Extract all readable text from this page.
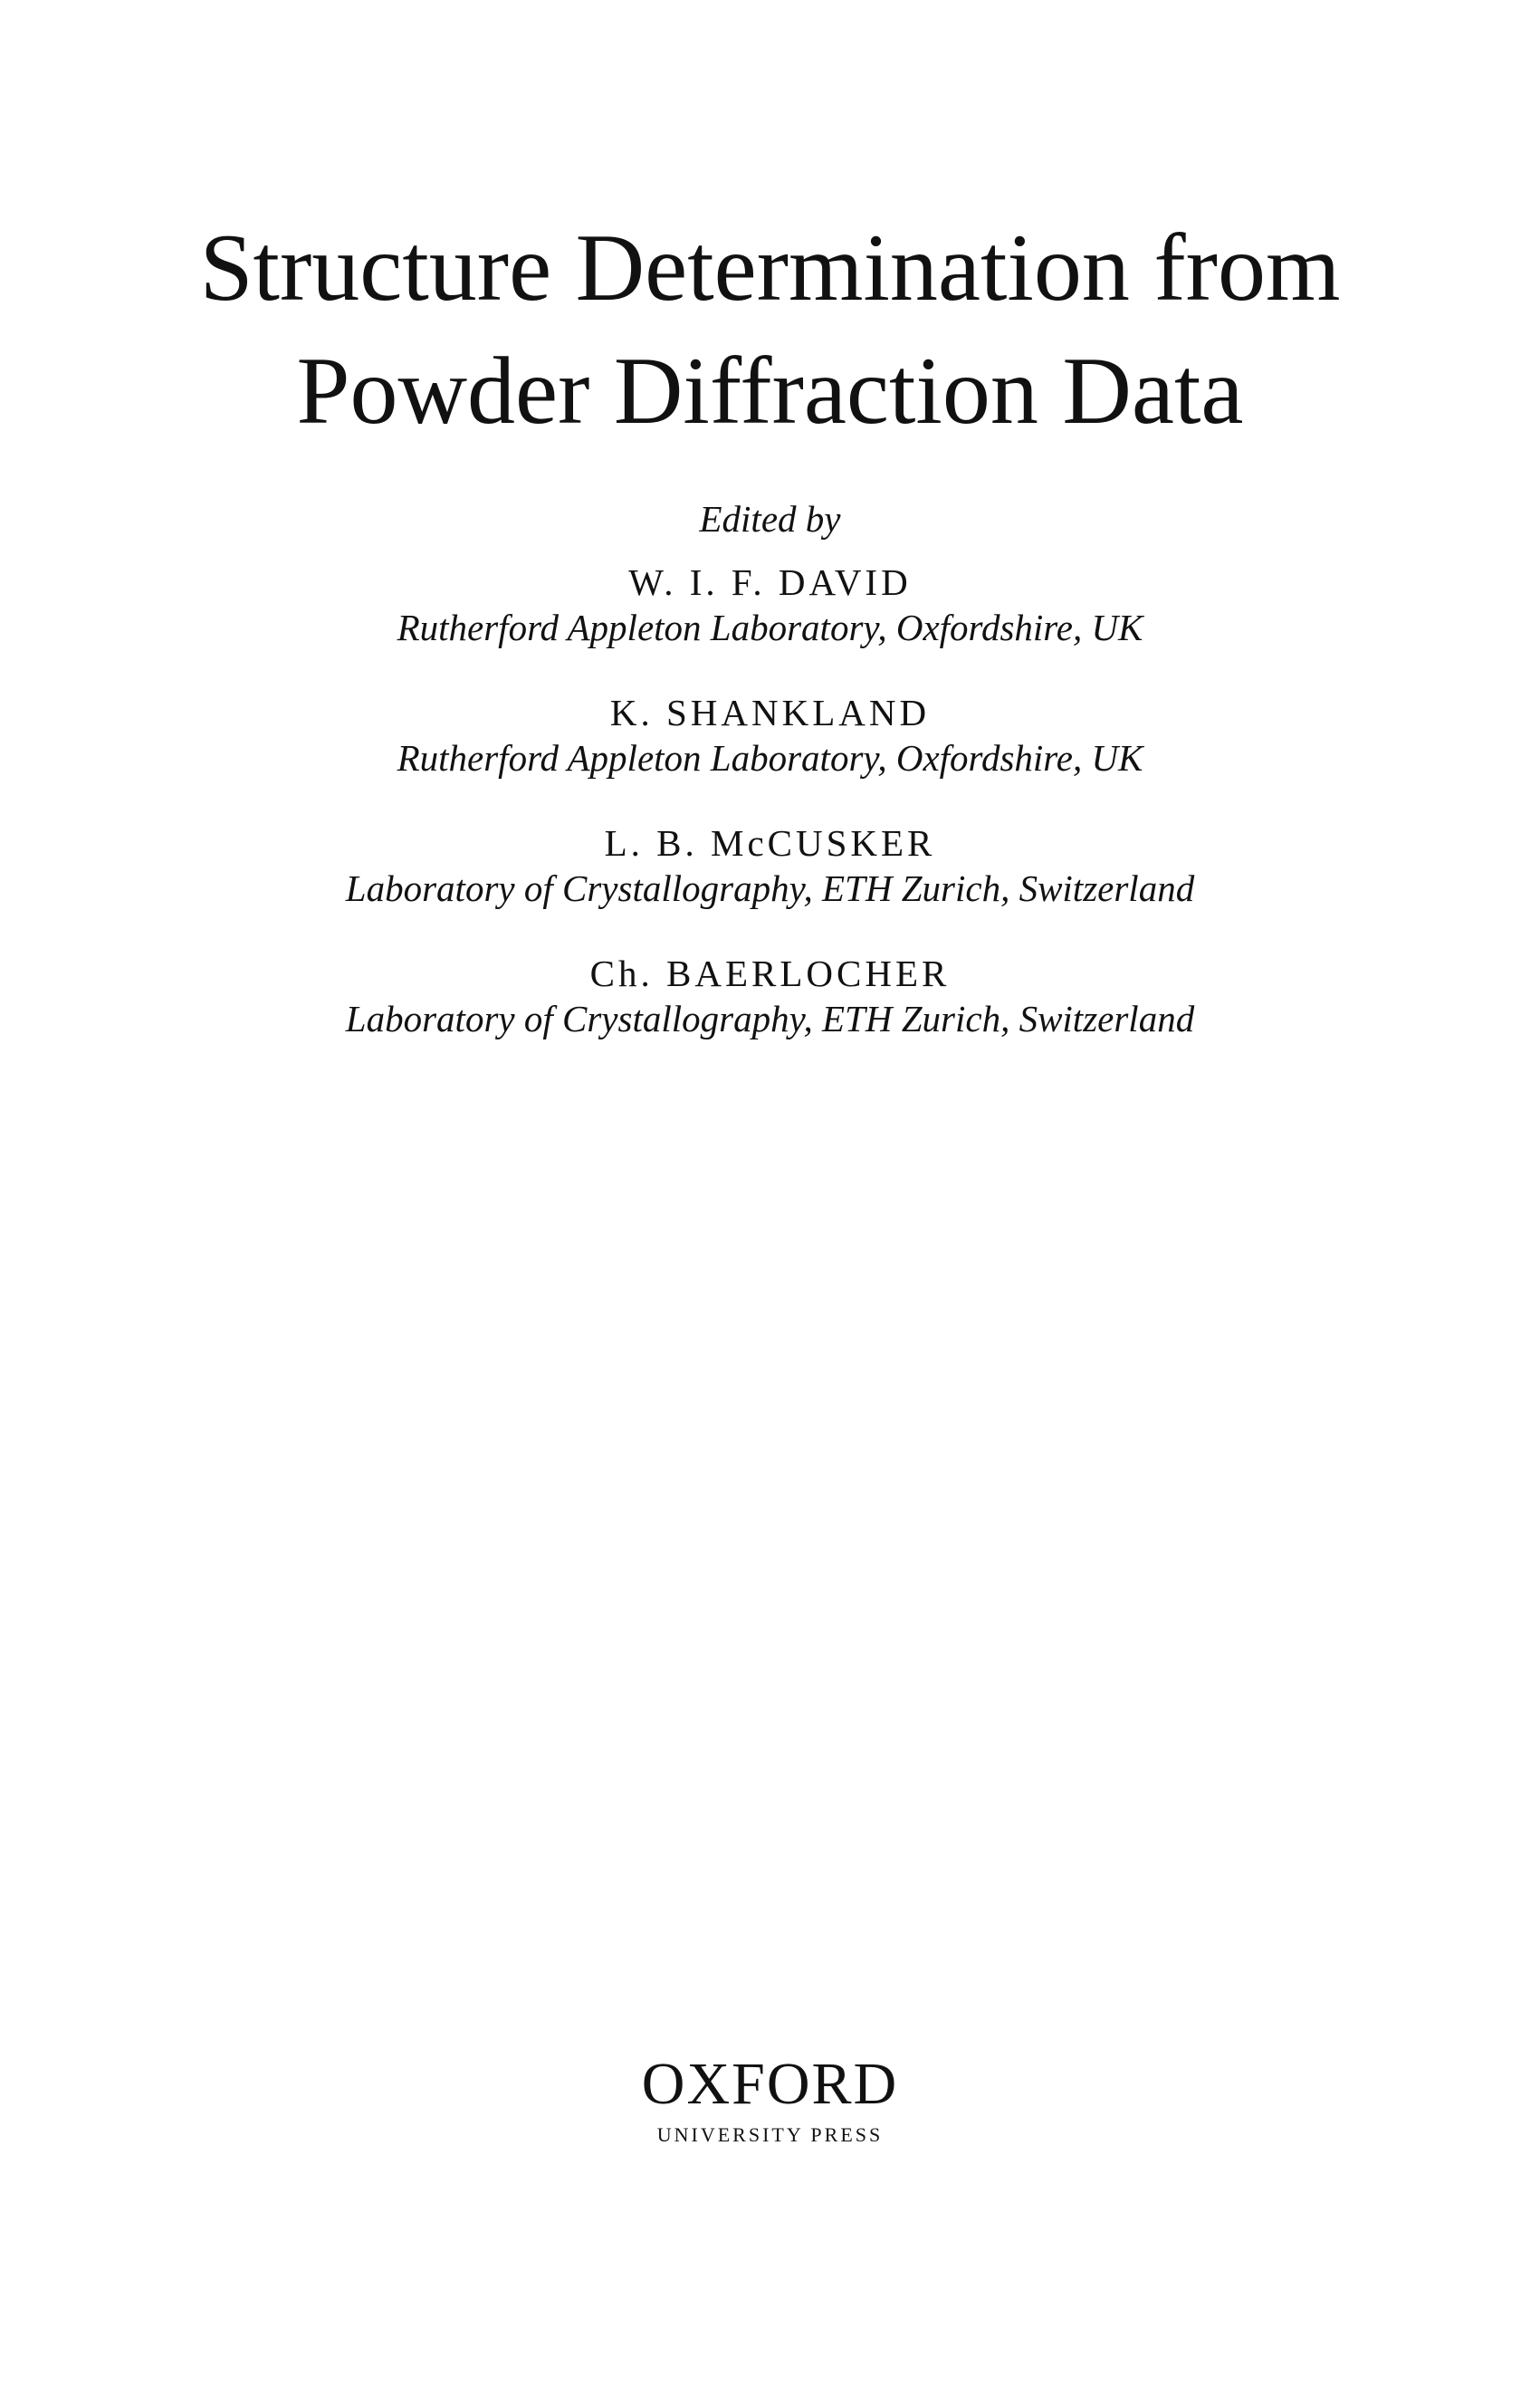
Structure Determination from
Powder Diffraction Data
Edited by
W. I. F. DAVID
Rutherford Appleton Laboratory, Oxfordshire, UK
K. SHANKLAND
Rutherford Appleton Laboratory, Oxfordshire, UK
L. B. McCUSKER
Laboratory of Crystallography, ETH Zurich, Switzerland
Ch. BAERLOCHER
Laboratory of Crystallography, ETH Zurich, Switzerland
OXFORD
UNIVERSITY PRESS
